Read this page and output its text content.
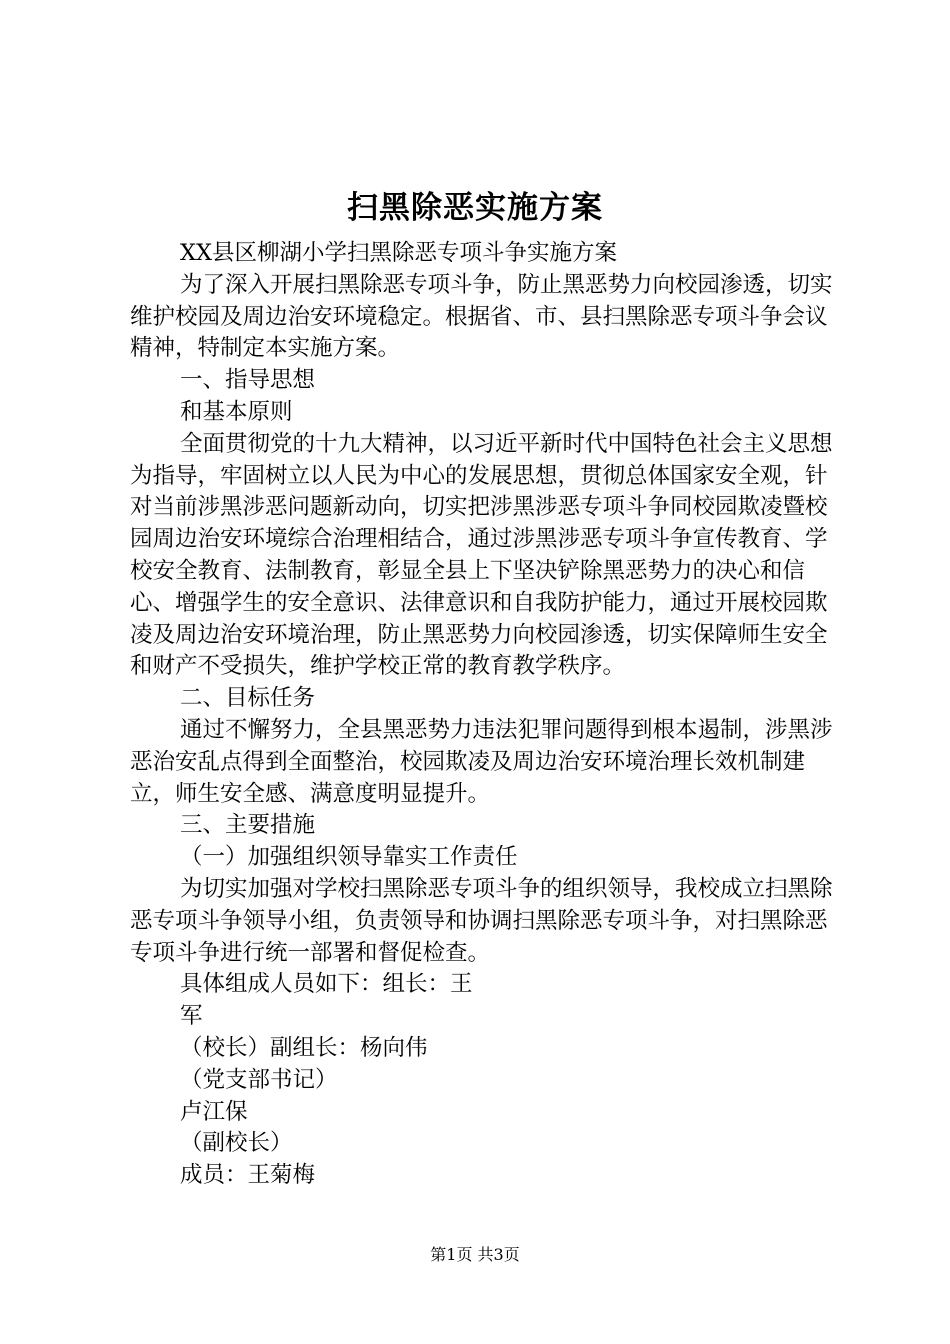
扫黑除恶实施方案

XX县区柳湖小学扫黑除恶专项斗争实施方案

为了深入开展扫黑除恶专项斗争，防止黑恶势力向校园渗透，切实维护校园及周边治安环境稳定。根据省、市、县扫黑除恶专项斗争会议精神，特制定本实施方案。

一、指导思想

和基本原则

全面贯彻党的十九大精神，以习近平新时代中国特色社会主义思想为指导，牢固树立以人民为中心的发展思想，贯彻总体国家安全观，针对当前涉黑涉恶问题新动向，切实把涉黑涉恶专项斗争同校园欺凌暨校园周边治安环境综合治理相结合，通过涉黑涉恶专项斗争宣传教育、学校安全教育、法制教育，彰显全县上下坚决铲除黑恶势力的决心和信心、增强学生的安全意识、法律意识和自我防护能力，通过开展校园欺凌及周边治安环境治理，防止黑恶势力向校园渗透，切实保障师生安全和财产不受损失，维护学校正常的教育教学秩序。

二、目标任务

通过不懈努力，全县黑恶势力违法犯罪问题得到根本遏制，涉黑涉恶治安乱点得到全面整治，校园欺凌及周边治安环境治理长效机制建立，师生安全感、满意度明显提升。

三、主要措施

（一）加强组织领导靠实工作责任

为切实加强对学校扫黑除恶专项斗争的组织领导，我校成立扫黑除恶专项斗争领导小组，负责领导和协调扫黑除恶专项斗争，对扫黑除恶专项斗争进行统一部署和督促检查。

具体组成人员如下：组长：王

军

（校长）副组长：杨向伟

（党支部书记）

卢江保

（副校长）

成员：王菊梅

第1页 共3页
